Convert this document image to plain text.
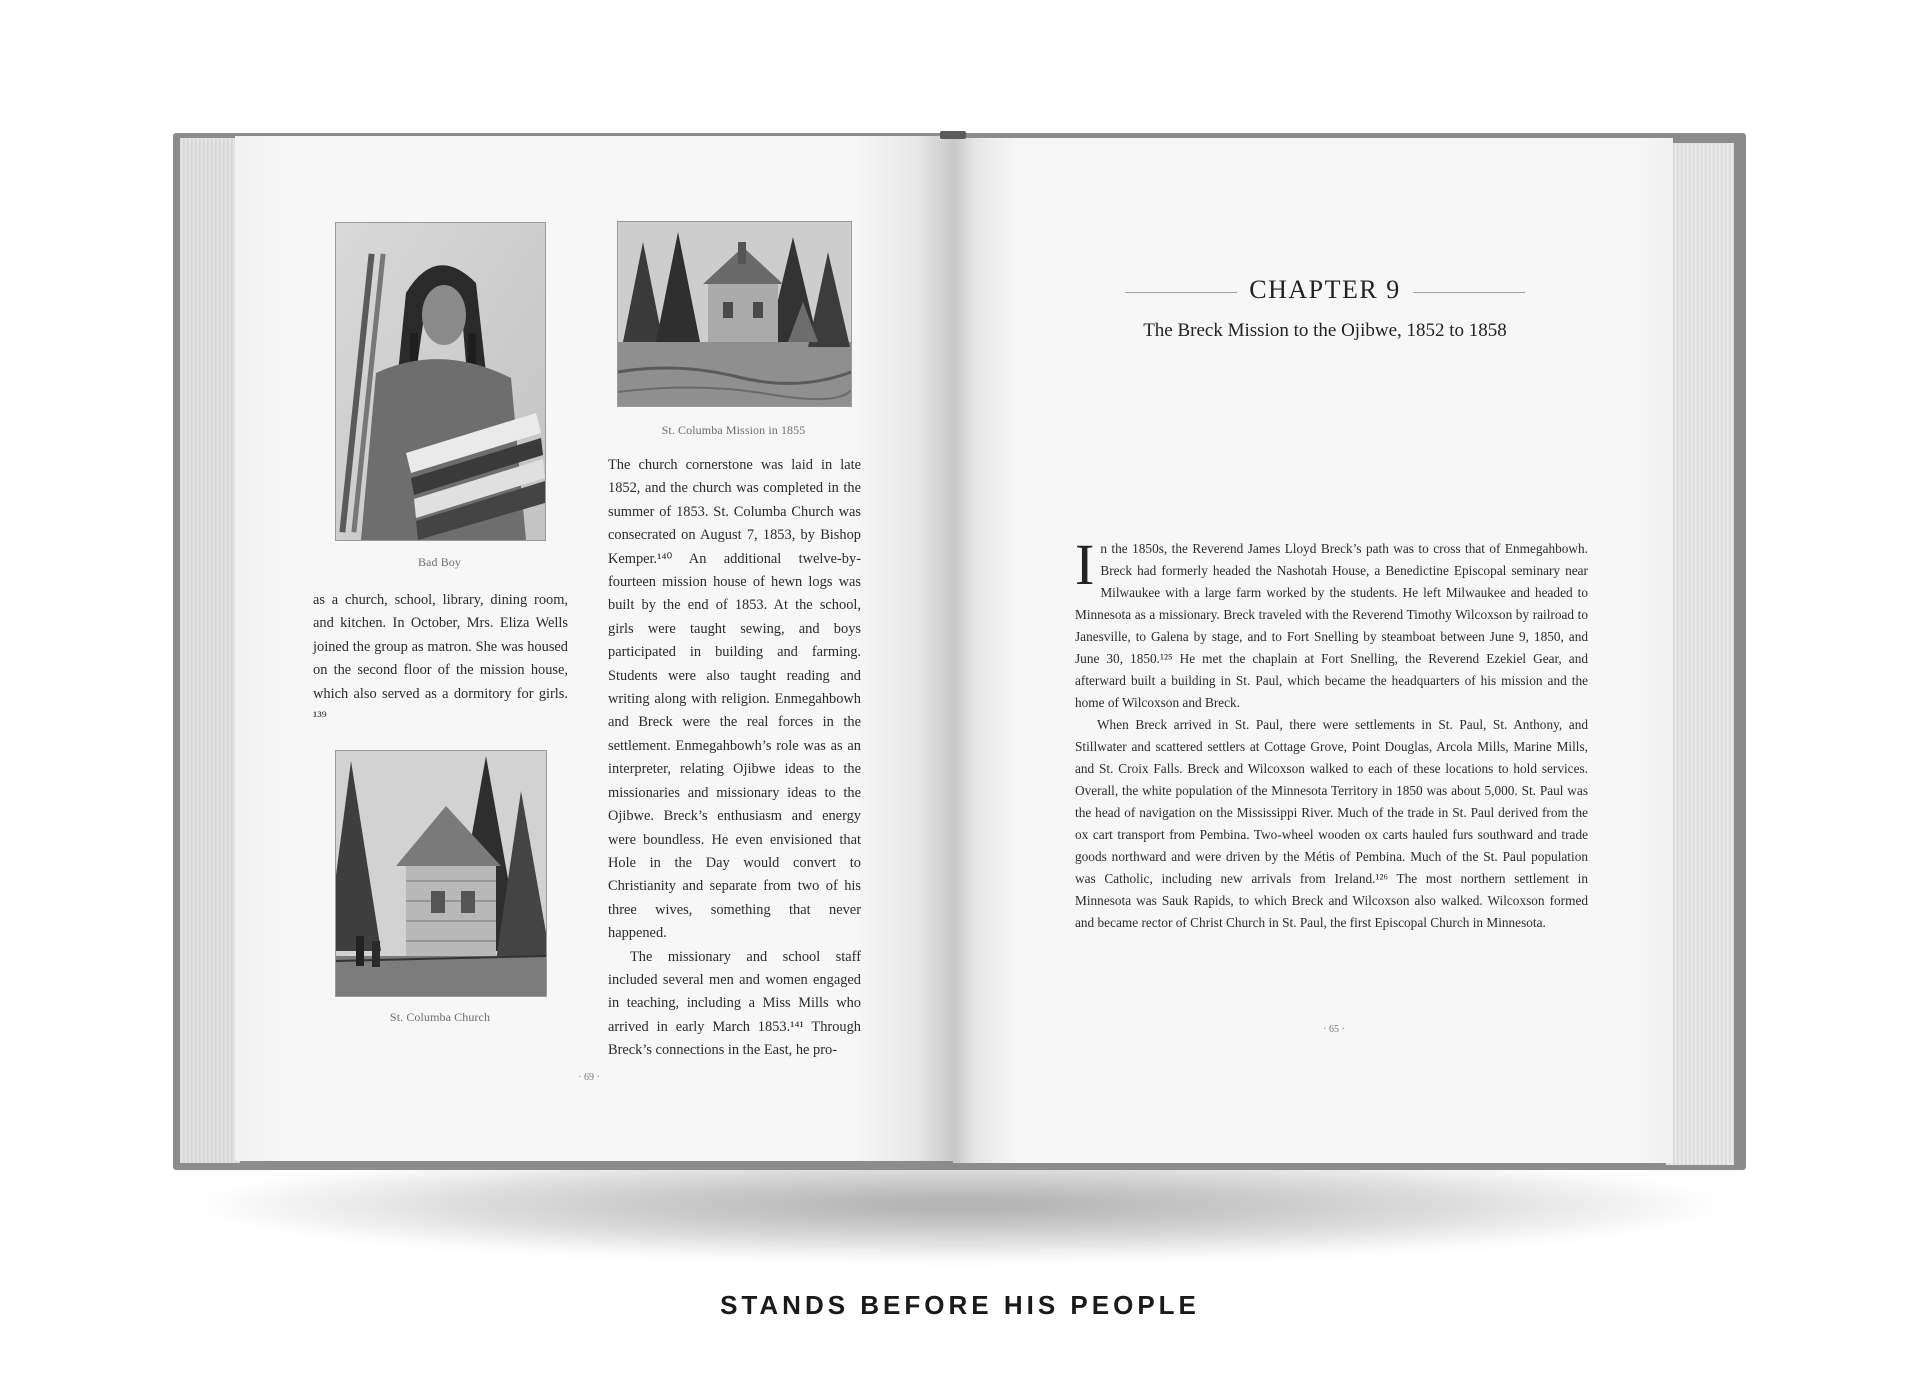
Bad Boy
St. Columba Mission in 1855

as a church, school, library, dining room, and kitchen. In October, Mrs. Eliza Wells joined the group as matron. She was housed on the second floor of the mission house, which also served as a dormitory for girls. ¹³⁹

St. Columba Church

The church cornerstone was laid in late 1852, and the church was completed in the summer of 1853. St. Columba Church was consecrated on August 7, 1853, by Bishop Kemper.¹⁴⁰ An additional twelve-by-fourteen mission house of hewn logs was built by the end of 1853. At the school, girls were taught sewing, and boys participated in building and farming. Students were also taught reading and writing along with religion. Enmegahbowh and Breck were the real forces in the settlement. Enmegahbowh’s role was as an interpreter, relating Ojibwe ideas to the missionaries and missionary ideas to the Ojibwe. Breck’s enthusiasm and energy were boundless. He even envisioned that Hole in the Day would convert to Christianity and separate from two of his three wives, something that never happened.

The missionary and school staff included several men and women engaged in teaching, including a Miss Mills who arrived in early March 1853.¹⁴¹ Through Breck’s connections in the East, he pro-

· 69 ·
CHAPTER 9
The Breck Mission to the Ojibwe, 1852 to 1858

In the 1850s, the Reverend James Lloyd Breck’s path was to cross that of Enmegahbowh. Breck had formerly headed the Nashotah House, a Benedictine Episcopal seminary near Milwaukee with a large farm worked by the students. He left Milwaukee and headed to Minnesota as a missionary. Breck traveled with the Reverend Timothy Wilcoxson by railroad to Janesville, to Galena by stage, and to Fort Snelling by steamboat between June 9, 1850, and June 30, 1850.¹²⁵ He met the chaplain at Fort Snelling, the Reverend Ezekiel Gear, and afterward built a building in St. Paul, which became the headquarters of his mission and the home of Wilcoxson and Breck.

When Breck arrived in St. Paul, there were settlements in St. Paul, St. Anthony, and Stillwater and scattered settlers at Cottage Grove, Point Douglas, Arcola Mills, Marine Mills, and St. Croix Falls. Breck and Wilcoxson walked to each of these locations to hold services. Overall, the white population of the Minnesota Territory in 1850 was about 5,000. St. Paul was the head of navigation on the Mississippi River. Much of the trade in St. Paul derived from the ox cart transport from Pembina. Two-wheel wooden ox carts hauled furs southward and trade goods northward and were driven by the Métis of Pembina. Much of the St. Paul population was Catholic, including new arrivals from Ireland.¹²⁶ The most northern settlement in Minnesota was Sauk Rapids, to which Breck and Wilcoxson also walked. Wilcoxson formed and became rector of Christ Church in St. Paul, the first Episcopal Church in Minnesota.

· 65 ·
STANDS BEFORE HIS PEOPLE
